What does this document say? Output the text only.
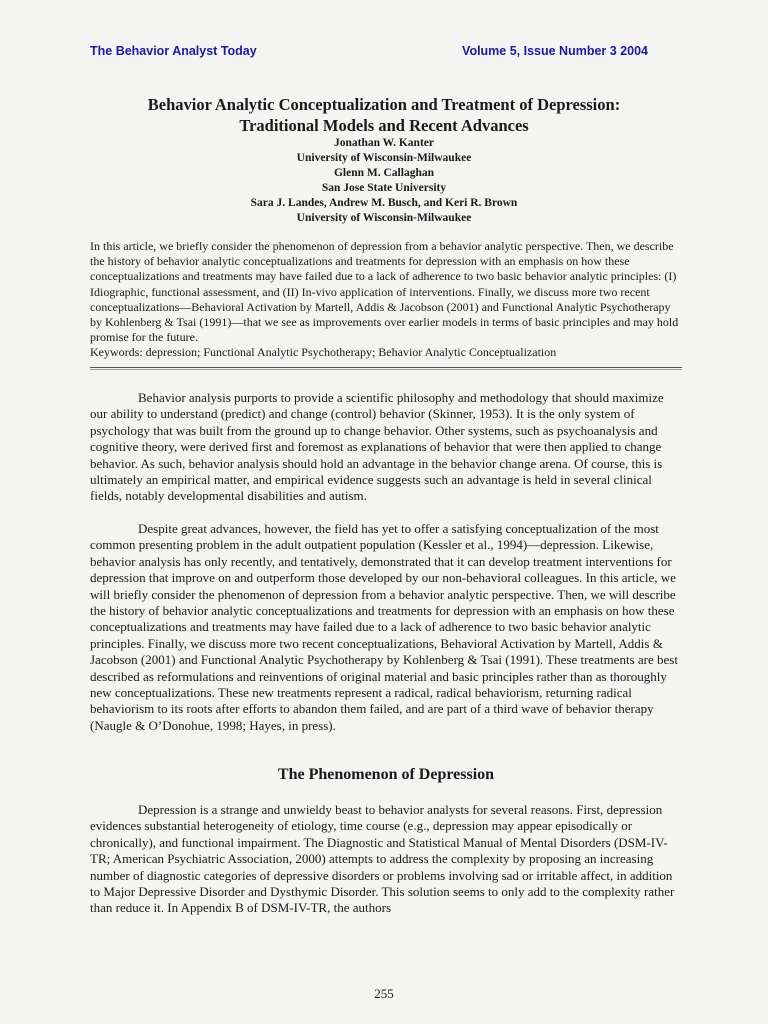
The Behavior Analyst Today	Volume 5, Issue Number 3 2004
Behavior Analytic Conceptualization and Treatment of Depression:
Traditional Models and Recent Advances
Jonathan W. Kanter
University of Wisconsin-Milwaukee
Glenn M. Callaghan
San Jose State University
Sara J. Landes, Andrew M. Busch, and Keri R. Brown
University of Wisconsin-Milwaukee
In this article, we briefly consider the phenomenon of depression from a behavior analytic perspective. Then, we describe the history of behavior analytic conceptualizations and treatments for depression with an emphasis on how these conceptualizations and treatments may have failed due to a lack of adherence to two basic behavior analytic principles: (I) Idiographic, functional assessment, and (II) In-vivo application of interventions. Finally, we discuss more two recent conceptualizations—Behavioral Activation by Martell, Addis & Jacobson (2001) and Functional Analytic Psychotherapy by Kohlenberg & Tsai (1991)—that we see as improvements over earlier models in terms of basic principles and may hold promise for the future.
Keywords: depression; Functional Analytic Psychotherapy; Behavior Analytic Conceptualization

Behavior analysis purports to provide a scientific philosophy and methodology that should maximize our ability to understand (predict) and change (control) behavior (Skinner, 1953). It is the only system of psychology that was built from the ground up to change behavior. Other systems, such as psychoanalysis and cognitive theory, were derived first and foremost as explanations of behavior that were then applied to change behavior. As such, behavior analysis should hold an advantage in the behavior change arena. Of course, this is ultimately an empirical matter, and empirical evidence suggests such an advantage is held in several clinical fields, notably developmental disabilities and autism.

Despite great advances, however, the field has yet to offer a satisfying conceptualization of the most common presenting problem in the adult outpatient population (Kessler et al., 1994)—depression. Likewise, behavior analysis has only recently, and tentatively, demonstrated that it can develop treatment interventions for depression that improve on and outperform those developed by our non-behavioral colleagues. In this article, we will briefly consider the phenomenon of depression from a behavior analytic perspective. Then, we will describe the history of behavior analytic conceptualizations and treatments for depression with an emphasis on how these conceptualizations and treatments may have failed due to a lack of adherence to two basic behavior analytic principles. Finally, we discuss more two recent conceptualizations, Behavioral Activation by Martell, Addis & Jacobson (2001) and Functional Analytic Psychotherapy by Kohlenberg & Tsai (1991). These treatments are best described as reformulations and reinventions of original material and basic principles rather than as thoroughly new conceptualizations. These new treatments represent a radical, radical behaviorism, returning radical behaviorism to its roots after efforts to abandon them failed, and are part of a third wave of behavior therapy (Naugle & O’Donohue, 1998; Hayes, in press).

The Phenomenon of Depression

Depression is a strange and unwieldy beast to behavior analysts for several reasons. First, depression evidences substantial heterogeneity of etiology, time course (e.g., depression may appear episodically or chronically), and functional impairment. The Diagnostic and Statistical Manual of Mental Disorders (DSM-IV-TR; American Psychiatric Association, 2000) attempts to address the complexity by proposing an increasing number of diagnostic categories of depressive disorders or problems involving sad or irritable affect, in addition to Major Depressive Disorder and Dysthymic Disorder. This solution seems to only add to the complexity rather than reduce it. In Appendix B of DSM-IV-TR, the authors

255
